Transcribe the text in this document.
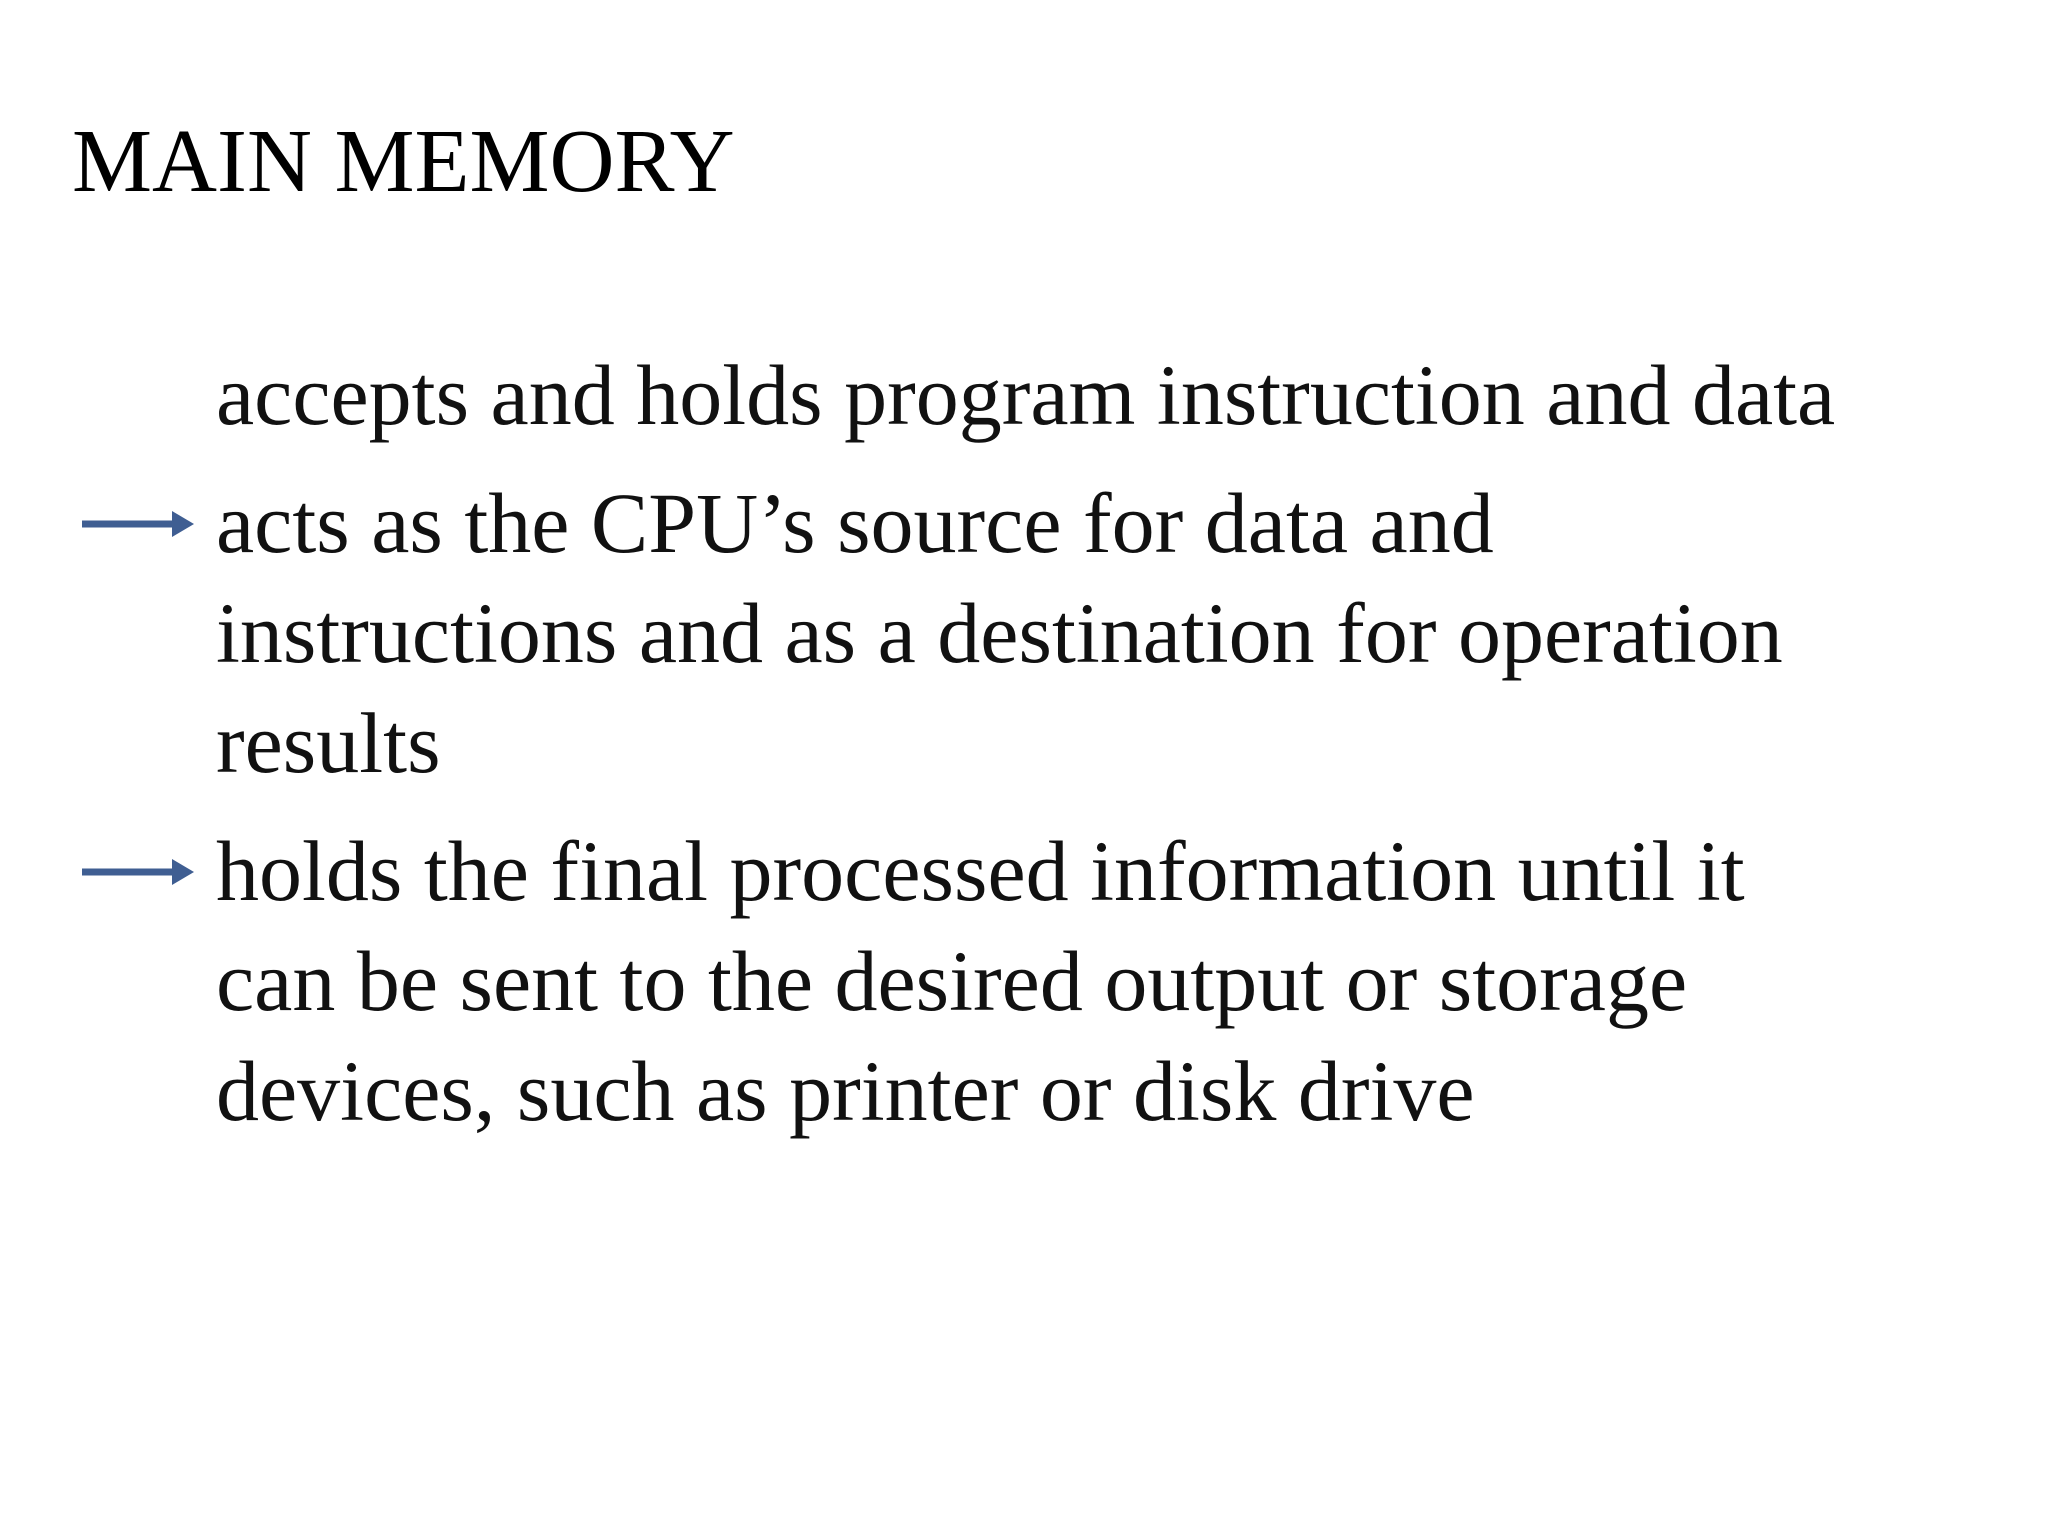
MAIN MEMORY
accepts and holds program instruction and data
acts as the CPU’s source for data and instructions and as a destination for operation results
holds the final processed information until it can be sent to the desired output or storage devices, such as printer or disk drive
